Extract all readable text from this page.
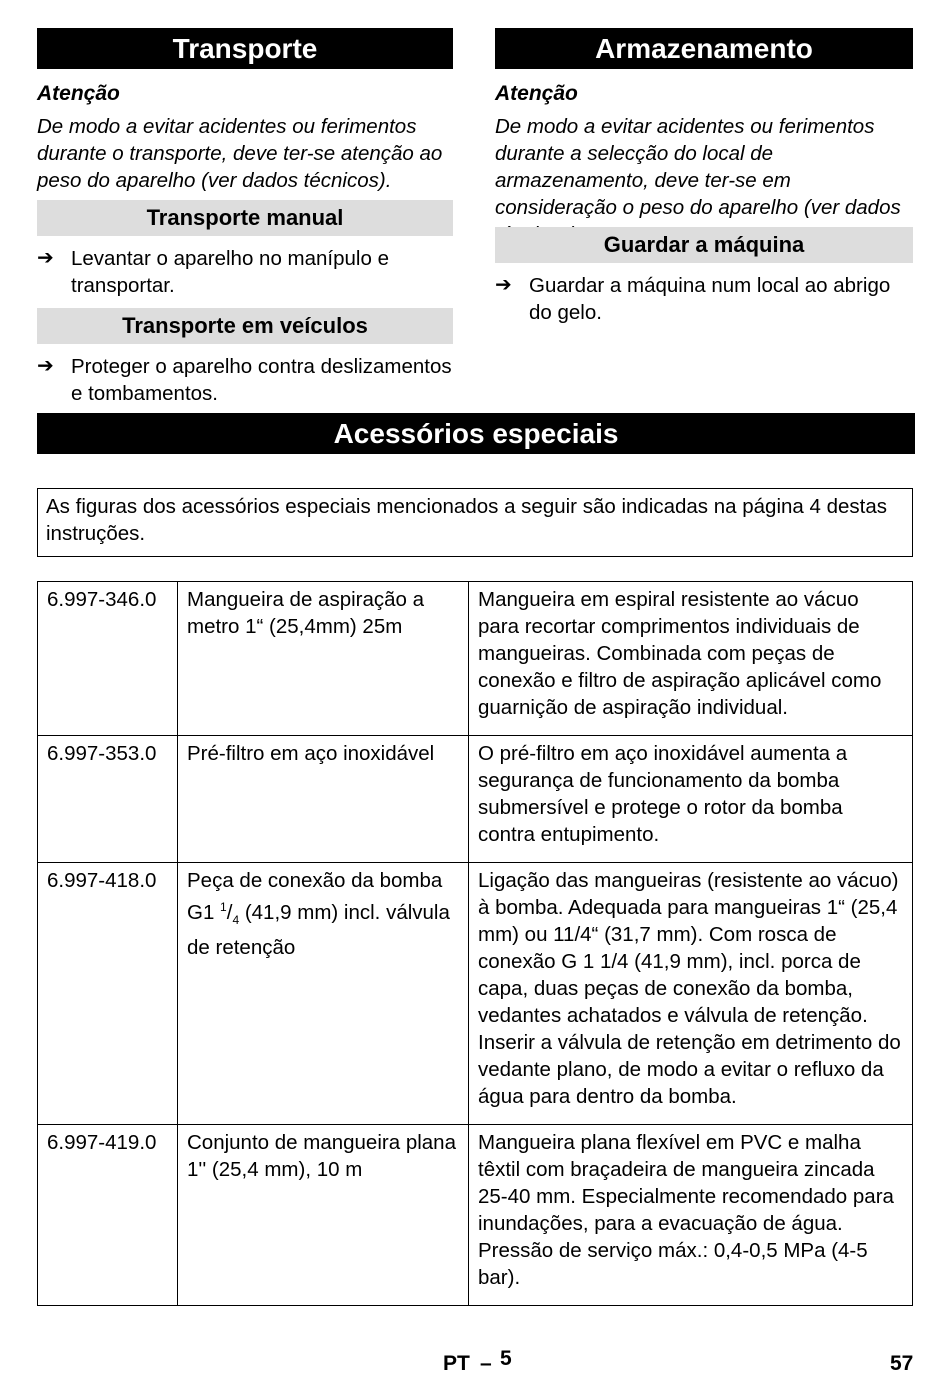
Transporte
Atenção
De modo a evitar acidentes ou ferimentos durante o transporte, deve ter-se atenção ao peso do aparelho (ver dados técnicos).
Transporte manual
➔ Levantar o aparelho no manípulo e transportar.
Transporte em veículos
➔ Proteger o aparelho contra deslizamentos e tombamentos.
Armazenamento
Atenção
De modo a evitar acidentes ou ferimentos durante a selecção do local de armazenamento, deve ter-se em consideração o peso do aparelho (ver dados
Guardar a máquina
➔ Guardar a máquina num local ao abrigo do gelo.
Acessórios especiais
As figuras dos acessórios especiais mencionados a seguir são indicadas na página 4 destas instruções.
6.997-346.0	Mangueira de aspiração a metro 1“ (25,4mm) 25m	Mangueira em espiral resistente ao vácuo para recortar comprimentos individuais de mangueiras. Combinada com peças de conexão e filtro de aspiração aplicável como guarnição de aspiração individual.
6.997-353.0	Pré-filtro em aço inoxidável	O pré-filtro em aço inoxidável aumenta a segurança de funcionamento da bomba submersível e protege o rotor da bomba contra entupimento.
6.997-418.0	Peça de conexão da bomba G1 $^1/_4$ (41,9 mm) incl. válvula de retenção	Ligação das mangueiras (resistente ao vácuo) à bomba. Adequada para mangueiras 1“ (25,4 mm) ou 11/4“ (31,7 mm). Com rosca de conexão G 1 1/4 (41,9 mm), incl. porca de capa, duas peças de conexão da bomba, vedantes achatados e válvula de retenção. Inserir a válvula de retenção em detrimento do vedante plano, de modo a evitar o refluxo da água para dentro da bomba.
6.997-419.0	Conjunto de mangueira plana 1'' (25,4 mm), 10 m	Mangueira plana flexível em PVC e malha têxtil com braçadeira de mangueira zincada 25-40 mm. Especialmente recomendado para inundações, para a evacuação de água. Pressão de serviço máx.: 0,4-0,5 MPa (4-5 bar).
PT – 5	57
